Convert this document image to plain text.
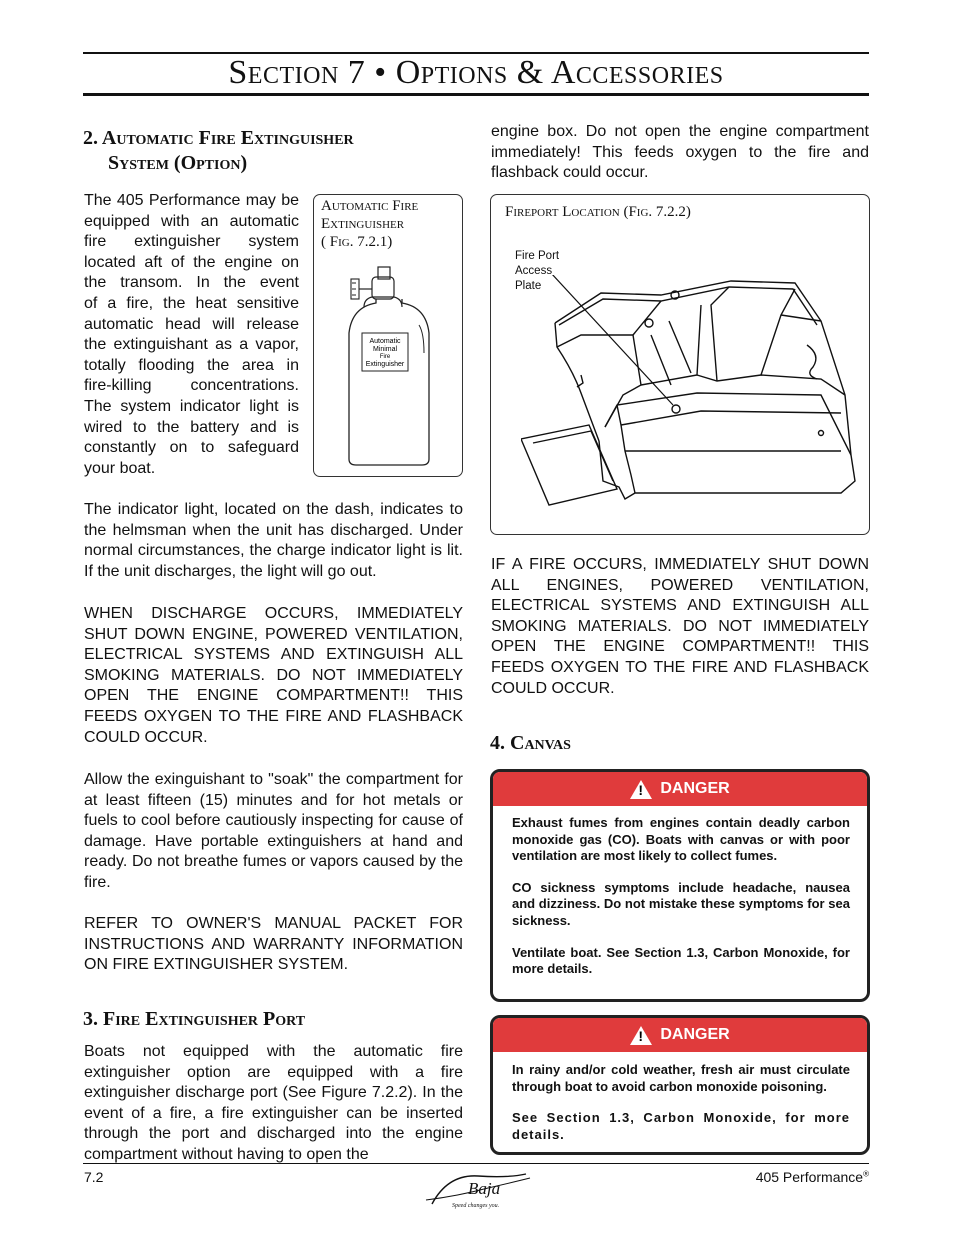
Section 7 • Options & Accessories
2. Automatic Fire Extinguisher
System (Option)
The 405 Performance may be
equipped with an automatic
fire extinguisher system
located aft of the engine on
the transom. In the event
of a fire, the heat sensitive
automatic head will release
the extinguishant as a vapor,
totally flooding the area in
fire-killing concentrations.
The system indicator light is
wired to the battery and is
constantly on to safeguard
your boat.
Automatic Fire
Extinguisher
( Fig. 7.2.1)
Automatic
Minimal
Fire
Extinguisher
The indicator light, located on the dash, indicates to the helmsman when the unit has discharged. Under normal circumstances, the charge indicator light is lit. If the unit discharges, the light will go out.
WHEN DISCHARGE OCCURS, IMMEDIATELY SHUT DOWN ENGINE, POWERED VENTILATION, ELECTRICAL SYSTEMS AND EXTINGUISH ALL SMOKING MATERIALS. DO NOT IMMEDIATELY OPEN THE ENGINE COMPARTMENT!! THIS FEEDS OXYGEN TO THE FIRE AND FLASHBACK COULD OCCUR.
Allow the exinguishant to "soak" the compartment for at least fifteen (15) minutes and for hot metals or fuels to cool before cautiously inspecting for cause of damage. Have portable extinguishers at hand and ready. Do not breathe fumes or vapors caused by the fire.
REFER TO OWNER'S MANUAL PACKET FOR INSTRUCTIONS AND WARRANTY INFORMATION ON FIRE EXTINGUISHER SYSTEM.
3. Fire Extinguisher Port
Boats not equipped with the automatic fire extinguisher option are equipped with a fire extinguisher discharge port (See Figure 7.2.2). In the event of a fire, a fire extinguisher can be inserted through the port and discharged into the engine compartment without having to open the
engine box. Do not open the engine compartment immediately! This feeds oxygen to the fire and flashback could occur.
Fireport Location (Fig. 7.2.2)
Fire Port
Access
Plate
IF A FIRE OCCURS, IMMEDIATELY SHUT DOWN ALL ENGINES, POWERED VENTILATION, ELECTRICAL SYSTEMS AND EXTINGUISH ALL SMOKING MATERIALS. DO NOT IMMEDIATELY OPEN THE ENGINE COMPARTMENT!! THIS FEEDS OXYGEN TO THE FIRE AND FLASHBACK COULD OCCUR.
4. Canvas
! DANGER

Exhaust fumes from engines contain deadly carbon monoxide gas (CO). Boats with canvas or with poor ventilation are most likely to collect fumes.

CO sickness symptoms include headache, nausea and dizziness. Do not mistake these symptoms for sea sickness.

Ventilate boat. See Section 1.3, Carbon Monoxide, for more details.

! DANGER

In rainy and/or cold weather, fresh air must circulate through boat to avoid carbon monoxide poisoning.

See Section 1.3, Carbon Monoxide, for more details.

7.2	405 Performance®
Baja
Speed changes you.
